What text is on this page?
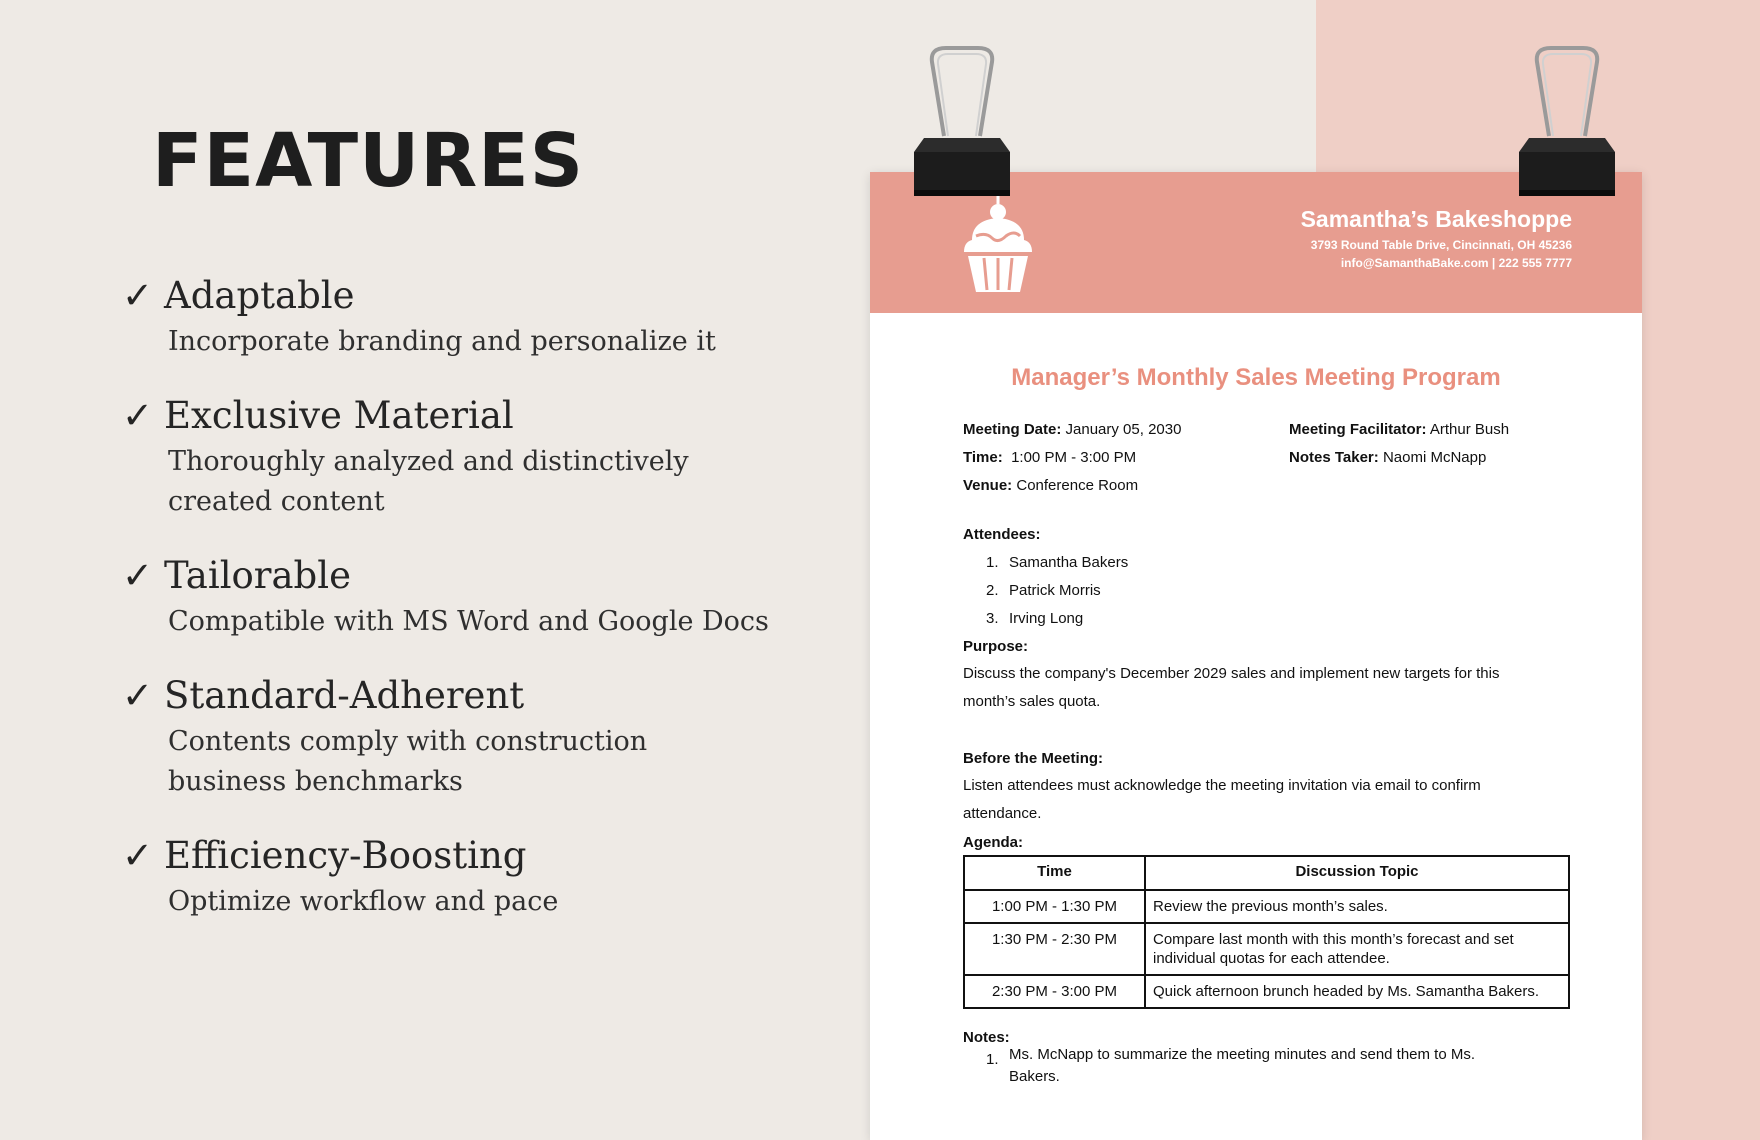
FEATURES
✓ Adaptable
Incorporate branding and personalize it
✓ Exclusive Material
Thoroughly analyzed and distinctively created content
✓ Tailorable
Compatible with MS Word and Google Docs
✓ Standard-Adherent
Contents comply with construction business benchmarks
✓ Efficiency-Boosting
Optimize workflow and pace
Samantha’s Bakeshoppe
3793 Round Table Drive, Cincinnati, OH 45236
info@SamanthaBake.com | 222 555 7777
Manager’s Monthly Sales Meeting Program
Meeting Date: January 05, 2030
Time: 1:00 PM - 3:00 PM
Venue: Conference Room
Meeting Facilitator: Arthur Bush
Notes Taker: Naomi McNapp
Attendees:
1. Samantha Bakers
2. Patrick Morris
3. Irving Long
Purpose:
Discuss the company's December 2029 sales and implement new targets for this month’s sales quota.
Before the Meeting:
Listen attendees must acknowledge the meeting invitation via email to confirm attendance.
Agenda:
Time	Discussion Topic
1:00 PM - 1:30 PM	Review the previous month’s sales.
1:30 PM - 2:30 PM	Compare last month with this month’s forecast and set individual quotas for each attendee.
2:30 PM - 3:00 PM	Quick afternoon brunch headed by Ms. Samantha Bakers.
Notes:
1. Ms. McNapp to summarize the meeting minutes and send them to Ms. Bakers.
